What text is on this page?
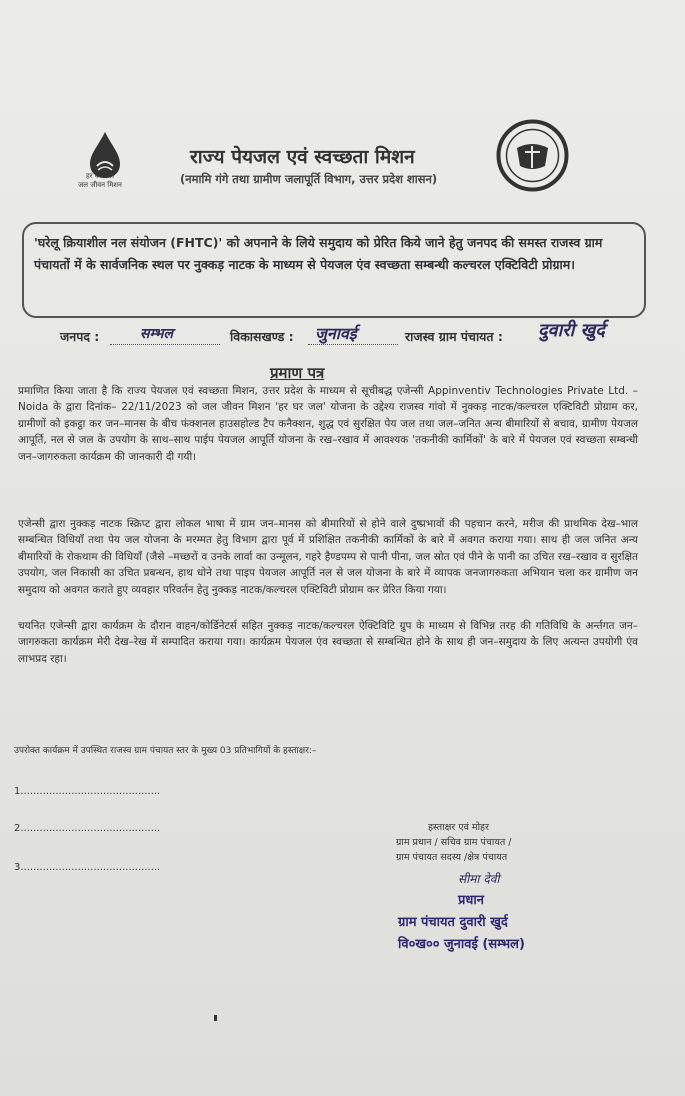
हर घर जल
जल जीवन मिशन
राज्य पेयजल एवं स्वच्छता मिशन
(नमामि गंगे तथा ग्रामीण जलापूर्ति विभाग, उत्तर प्रदेश शासन)
'घरेलू क्रियाशील नल संयोजन (FHTC)' को अपनाने के लिये समुदाय को प्रेरित किये जाने हेतु जनपद की समस्त राजस्व ग्राम पंचायतों में के सार्वजनिक स्थल पर नुक्कड़ नाटक के माध्यम से पेयजल एंव स्वच्छता सम्बन्धी कल्चरल एक्टिविटी प्रोग्राम।
जनपद :	सम्भल	विकासखण्ड : जुनावई	राजस्व ग्राम पंचायत : दुवारी खुर्द
प्रमाण पत्र
प्रमाणित किया जाता है कि राज्य पेयजल एवं स्वच्छता मिशन, उत्तर प्रदेश के माध्यम से सूचीबद्ध एजेन्सी Appinventiv Technologies Private Ltd. – Noida के द्वारा दिनांक– 22/11/2023 को जल जीवन मिशन 'हर घर जल' योजना के उद्देश्य राजस्व गांवो में नुक्कड़ नाटक/कल्चरल एक्टिविटी प्रोग्राम कर, ग्रामीणों को इकट्ठा कर जन–मानस के बीच फंक्शनल हाउसहोल्ड टैप कनैक्शन, शुद्ध एवं सुरक्षित पेय जल तथा जल–जनित अन्य बीमारियों से बचाव, ग्रामीण पेयजल आपूर्ति, नल से जल के उपयोग के साथ–साथ पाईप पेयजल आपूर्ति योजना के रख–रखाव में आवश्यक 'तकनीकी कार्मिकों' के बारे में पेयजल एवं स्वच्छता सम्बन्धी जन–जागरुकता कार्यक्रम की जानकारी दी गयी।
एजेन्सी द्वारा नुक्कड़ नाटक स्क्रिप्ट द्वारा लोकल भाषा में ग्राम जन–मानस को बीमारियों से होने वाले दुष्प्रभावों की पहचान करने, मरीज की प्राथमिक देख–भाल सम्बन्धित विधियाँ तथा पेय जल योजना के मरम्मत हेतु विभाग द्वारा पूर्व में प्रशिक्षित तकनीकी कार्मिकों के बारे में अवगत कराया गया। साथ ही जल जनित अन्य बीमारियों के रोकथाम की विधियाँ (जैसे –मच्छरों व उनके लार्वा का उन्मूलन, गहरे हैण्डपम्प से पानी पीना, जल स्रोत एवं पीने के पानी का उचित रख–रखाव व सुरक्षित उपयोग, जल निकासी का उचित प्रबन्धन, हाथ धोने तथा पाइप पेयजल आपूर्ति नल से जल योजना के बारे में व्यापक जनजागरुकता अभियान चला कर ग्रामीण जन समुदाय को अवगत कराते हुए व्यवहार परिवर्तन हेतु नुक्कड़ नाटक/कल्चरल एक्टिविटी प्रोग्राम कर प्रेरित किया गया।
चयनित एजेन्सी द्वारा कार्यक्रम के दौरान वाहन/कोर्डिनेटर्स सहित नुक्कड़ नाटक/कल्चरल ऐक्टिविटि ग्रुप के माध्यम से विभिन्न तरह की गतिविधि के अर्न्तगत जन–जागरुकता कार्यक्रम मेरी देख–रेख में सम्पादित कराया गया। कार्यक्रम पेयजल एंव स्वच्छता से सम्बन्धित होने के साथ ही जन–समुदाय के लिए अत्यन्त उपयोगी एंव लाभप्रद रहा।
उपरोक्त कार्यक्रम में उपस्थित राजस्व ग्राम पंचायत स्तर के मुख्य 03 प्रतिभागियों के हस्ताक्षर:–
1............................................
2............................................
3............................................
हस्ताक्षर एवं मोहर
ग्राम प्रधान / सचिव ग्राम पंचायत /
ग्राम पंचायत सदस्य /क्षेत्र पंचायत
सीमा देवी
प्रधान
ग्राम पंचायत दुवारी खुर्द
वि०ख०० जुनावई (सम्भल)
